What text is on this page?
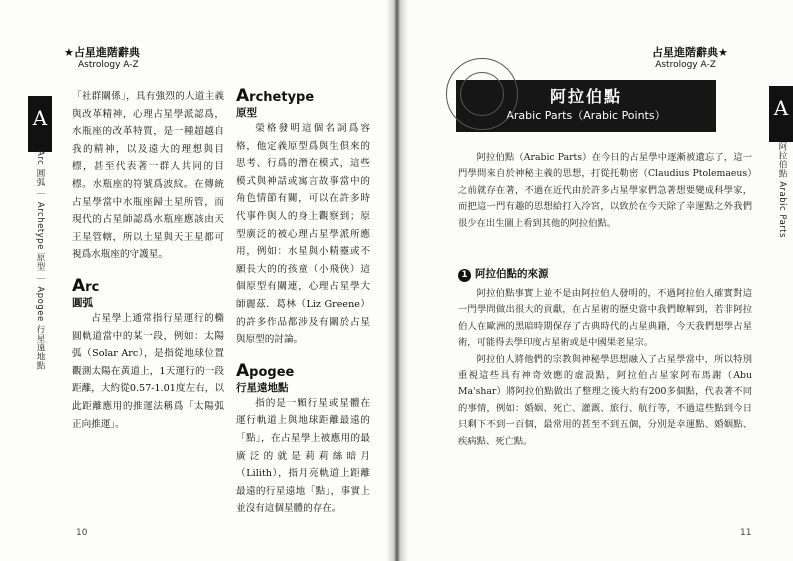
★占星進階辭典
Astrology A-Z
A
Arc 圓弧 ｜ Archetype 原型 ｜ Apogee 行星遠地點

「社群關係」，具有強烈的人道主義與改革精神，心理占星學派認爲，水瓶座的改革特質，是一種超越自我的精神，以及遠大的理想與目標，甚至代表著一群人共同的目標。水瓶座的符號爲波紋。在傳統占星學當中水瓶座歸土星所管，而現代的占星師認爲水瓶座應該由天王星管轄，所以土星與天王星都可視爲水瓶座的守護星。

Arc
圓弧

占星學上通常指行星運行的橢圓軌道當中的某一段，例如：太陽弧（Solar Arc），是指從地球位置觀測太陽在黃道上，1天運行的一段距離，大約從0.57-1.01度左右，以此距離應用的推運法稱爲「太陽弧正向推運」。

Archetype
原型

榮格發明這個名詞爲容格，他定義原型爲與生俱來的思考、行爲的潛在模式，這些模式與神話或寓言故事當中的角色情節有關，可以在許多時代事件與人的身上觀察到；原型廣泛的被心理占星學派所應用，例如：水星與小精靈或不願長大的的孩童（小飛俠）這個原型有關連，心理占星學大師麗茲．葛林（Liz Greene）的許多作品都涉及有關於占星與原型的討論。

Apogee
行星遠地點

指的是一顆行星或星體在運行軌道上與地球距離最遠的「點」，在占星學上被應用的最廣泛的就是莉莉絲暗月（Lilith），指月亮軌道上距離最遠的行星遠地「點」，事實上並沒有這個星體的存在。

10
占星進階辭典★
Astrology A-Z
阿拉伯點
Arabic Parts（Arabic Points）	A
阿拉伯點 Arabic Parts

阿拉伯點（Arabic Parts）在今日的占星學中逐漸被遺忘了，這一門學問來自於神秘主義的思想，打從托勒密（Claudius Ptolemaeus）之前就存在著，不過在近代由於許多占星學家們急著想要變成科學家，而把這一門有趣的思想給打入冷宮，以致於在今天除了幸運點之外我們很少在出生圖上看到其他的阿拉伯點。

1 阿拉伯點的來源

阿拉伯點事實上並不是由阿拉伯人發明的，不過阿拉伯人確實對這一門學問做出很大的貢獻，在占星術的歷史當中我們瞭解到，若非阿拉伯人在歐洲的黑暗時期保存了古典時代的占星典籍，今天我們想學占星術，可能得去學印度占星術或是中國果老星宗。

阿拉伯人將他們的宗教與神秘學思想融入了占星學當中，所以特別重視這些具有神奇效應的虛設點，阿拉伯占星家阿布馬謝（Abu Ma'shar）將阿拉伯點做出了整理之後大約有200多個點，代表著不同的事情，例如：婚姻、死亡、灌溉、旅行、航行等，不過這些點到今日只剩下不到一百個，最常用的甚至不到五個，分別是幸運點、婚姻點、疾病點、死亡點。

11
